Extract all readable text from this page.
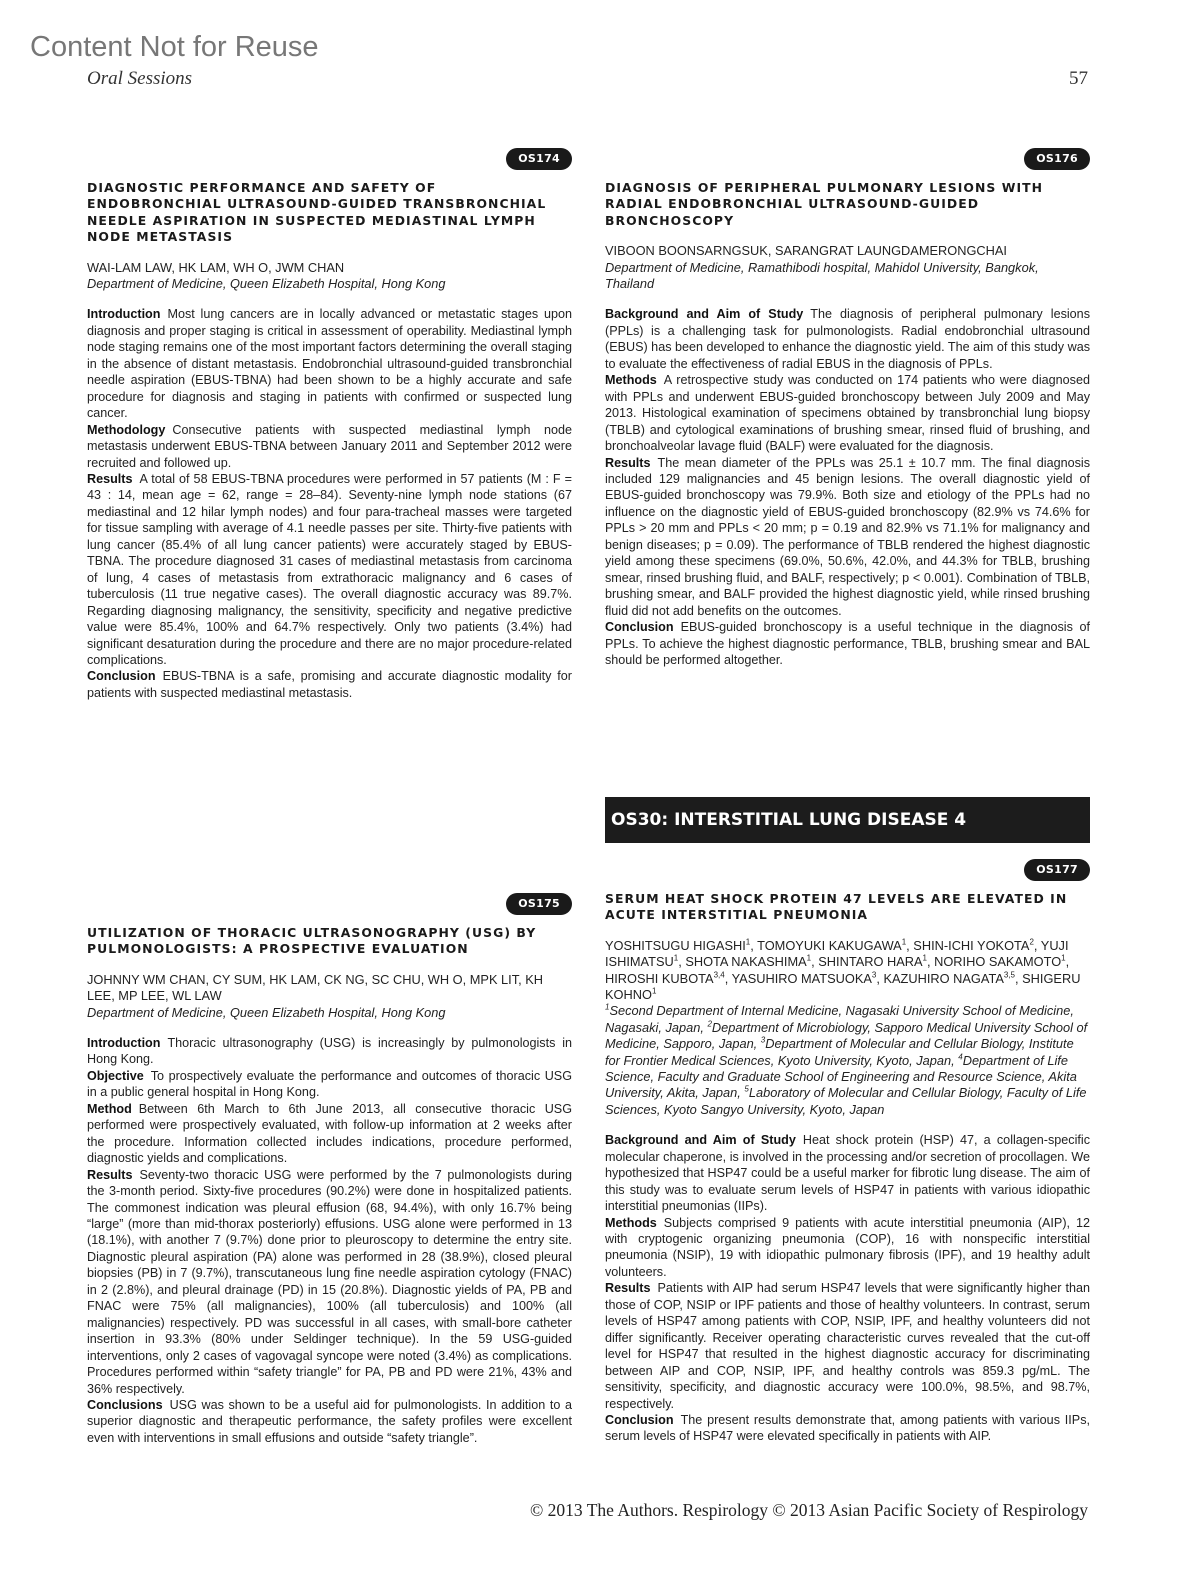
Content Not for Reuse
Oral Sessions	57
OS174
DIAGNOSTIC PERFORMANCE AND SAFETY OF ENDOBRONCHIAL ULTRASOUND-GUIDED TRANSBRONCHIAL NEEDLE ASPIRATION IN SUSPECTED MEDIASTINAL LYMPH NODE METASTASIS
WAI-LAM LAW, HK LAM, WH O, JWM CHAN
Department of Medicine, Queen Elizabeth Hospital, Hong Kong

Introduction Most lung cancers are in locally advanced or metastatic stages upon diagnosis and proper staging is critical in assessment of operability. Mediastinal lymph node staging remains one of the most important factors determining the overall staging in the absence of distant metastasis. Endobronchial ultrasound-guided transbronchial needle aspiration (EBUS-TBNA) had been shown to be a highly accurate and safe procedure for diagnosis and staging in patients with confirmed or suspected lung cancer.

Methodology Consecutive patients with suspected mediastinal lymph node metastasis underwent EBUS-TBNA between January 2011 and September 2012 were recruited and followed up.

Results A total of 58 EBUS-TBNA procedures were performed in 57 patients (M : F = 43 : 14, mean age = 62, range = 28–84). Seventy-nine lymph node stations (67 mediastinal and 12 hilar lymph nodes) and four para-tracheal masses were targeted for tissue sampling with average of 4.1 needle passes per site. Thirty-five patients with lung cancer (85.4% of all lung cancer patients) were accurately staged by EBUS-TBNA. The procedure diagnosed 31 cases of mediastinal metastasis from carcinoma of lung, 4 cases of metastasis from extrathoracic malignancy and 6 cases of tuberculosis (11 true negative cases). The overall diagnostic accuracy was 89.7%. Regarding diagnosing malignancy, the sensitivity, specificity and negative predictive value were 85.4%, 100% and 64.7% respectively. Only two patients (3.4%) had significant desaturation during the procedure and there are no major procedure-related complications.

Conclusion EBUS-TBNA is a safe, promising and accurate diagnostic modality for patients with suspected mediastinal metastasis.

OS175
UTILIZATION OF THORACIC ULTRASONOGRAPHY (USG) BY PULMONOLOGISTS: A PROSPECTIVE EVALUATION
JOHNNY WM CHAN, CY SUM, HK LAM, CK NG, SC CHU, WH O, MPK LIT, KH LEE, MP LEE, WL LAW
Department of Medicine, Queen Elizabeth Hospital, Hong Kong

Introduction Thoracic ultrasonography (USG) is increasingly by pulmonologists in Hong Kong.

Objective To prospectively evaluate the performance and outcomes of thoracic USG in a public general hospital in Hong Kong.

Method Between 6th March to 6th June 2013, all consecutive thoracic USG performed were prospectively evaluated, with follow-up information at 2 weeks after the procedure. Information collected includes indications, procedure performed, diagnostic yields and complications.

Results Seventy-two thoracic USG were performed by the 7 pulmonologists during the 3-month period. Sixty-five procedures (90.2%) were done in hospitalized patients. The commonest indication was pleural effusion (68, 94.4%), with only 16.7% being “large” (more than mid-thorax posteriorly) effusions. USG alone were performed in 13 (18.1%), with another 7 (9.7%) done prior to pleuroscopy to determine the entry site. Diagnostic pleural aspiration (PA) alone was performed in 28 (38.9%), closed pleural biopsies (PB) in 7 (9.7%), transcutaneous lung fine needle aspiration cytology (FNAC) in 2 (2.8%), and pleural drainage (PD) in 15 (20.8%). Diagnostic yields of PA, PB and FNAC were 75% (all malignancies), 100% (all tuberculosis) and 100% (all malignancies) respectively. PD was successful in all cases, with small-bore catheter insertion in 93.3% (80% under Seldinger technique). In the 59 USG-guided interventions, only 2 cases of vagovagal syncope were noted (3.4%) as complications. Procedures performed within “safety triangle” for PA, PB and PD were 21%, 43% and 36% respectively.

Conclusions USG was shown to be a useful aid for pulmonologists. In addition to a superior diagnostic and therapeutic performance, the safety profiles were excellent even with interventions in small effusions and outside “safety triangle”.

OS176
DIAGNOSIS OF PERIPHERAL PULMONARY LESIONS WITH RADIAL ENDOBRONCHIAL ULTRASOUND-GUIDED BRONCHOSCOPY
VIBOON BOONSARNGSUK, SARANGRAT LAUNGDAMERONGCHAI
Department of Medicine, Ramathibodi hospital, Mahidol University, Bangkok, Thailand

Background and Aim of Study The diagnosis of peripheral pulmonary lesions (PPLs) is a challenging task for pulmonologists. Radial endobronchial ultrasound (EBUS) has been developed to enhance the diagnostic yield. The aim of this study was to evaluate the effectiveness of radial EBUS in the diagnosis of PPLs.

Methods A retrospective study was conducted on 174 patients who were diagnosed with PPLs and underwent EBUS-guided bronchoscopy between July 2009 and May 2013. Histological examination of specimens obtained by transbronchial lung biopsy (TBLB) and cytological examinations of brushing smear, rinsed fluid of brushing, and bronchoalveolar lavage fluid (BALF) were evaluated for the diagnosis.

Results The mean diameter of the PPLs was 25.1 ± 10.7 mm. The final diagnosis included 129 malignancies and 45 benign lesions. The overall diagnostic yield of EBUS-guided bronchoscopy was 79.9%. Both size and etiology of the PPLs had no influence on the diagnostic yield of EBUS-guided bronchoscopy (82.9% vs 74.6% for PPLs > 20 mm and PPLs < 20 mm; p = 0.19 and 82.9% vs 71.1% for malignancy and benign diseases; p = 0.09). The performance of TBLB rendered the highest diagnostic yield among these specimens (69.0%, 50.6%, 42.0%, and 44.3% for TBLB, brushing smear, rinsed brushing fluid, and BALF, respectively; p < 0.001). Combination of TBLB, brushing smear, and BALF provided the highest diagnostic yield, while rinsed brushing fluid did not add benefits on the outcomes.

Conclusion EBUS-guided bronchoscopy is a useful technique in the diagnosis of PPLs. To achieve the highest diagnostic performance, TBLB, brushing smear and BAL should be performed altogether.

OS30: INTERSTITIAL LUNG DISEASE 4
OS177
SERUM HEAT SHOCK PROTEIN 47 LEVELS ARE ELEVATED IN ACUTE INTERSTITIAL PNEUMONIA
YOSHITSUGU HIGASHI$^1$, TOMOYUKI KAKUGAWA$^1$, SHIN-ICHI YOKOTA$^2$, YUJI ISHIMATSU$^1$, SHOTA NAKASHIMA$^1$, SHINTARO HARA$^1$, NORIHO SAKAMOTO$^1$, HIROSHI KUBOTA$^{3,4}$, YASUHIRO MATSUOKA$^3$, KAZUHIRO NAGATA$^{3,5}$, SHIGERU KOHNO$^1$
$^1$Second Department of Internal Medicine, Nagasaki University School of Medicine, Nagasaki, Japan, $^2$Department of Microbiology, Sapporo Medical University School of Medicine, Sapporo, Japan, $^3$Department of Molecular and Cellular Biology, Institute for Frontier Medical Sciences, Kyoto University, Kyoto, Japan, $^4$Department of Life Science, Faculty and Graduate School of Engineering and Resource Science, Akita University, Akita, Japan, $^5$Laboratory of Molecular and Cellular Biology, Faculty of Life Sciences, Kyoto Sangyo University, Kyoto, Japan

Background and Aim of Study Heat shock protein (HSP) 47, a collagen-specific molecular chaperone, is involved in the processing and/or secretion of procollagen. We hypothesized that HSP47 could be a useful marker for fibrotic lung disease. The aim of this study was to evaluate serum levels of HSP47 in patients with various idiopathic interstitial pneumonias (IIPs).

Methods Subjects comprised 9 patients with acute interstitial pneumonia (AIP), 12 with cryptogenic organizing pneumonia (COP), 16 with nonspecific interstitial pneumonia (NSIP), 19 with idiopathic pulmonary fibrosis (IPF), and 19 healthy adult volunteers.

Results Patients with AIP had serum HSP47 levels that were significantly higher than those of COP, NSIP or IPF patients and those of healthy volunteers. In contrast, serum levels of HSP47 among patients with COP, NSIP, IPF, and healthy volunteers did not differ significantly. Receiver operating characteristic curves revealed that the cut-off level for HSP47 that resulted in the highest diagnostic accuracy for discriminating between AIP and COP, NSIP, IPF, and healthy controls was 859.3 pg/mL. The sensitivity, specificity, and diagnostic accuracy were 100.0%, 98.5%, and 98.7%, respectively.

Conclusion The present results demonstrate that, among patients with various IIPs, serum levels of HSP47 were elevated specifically in patients with AIP.

© 2013 The Authors. Respirology © 2013 Asian Pacific Society of Respirology
